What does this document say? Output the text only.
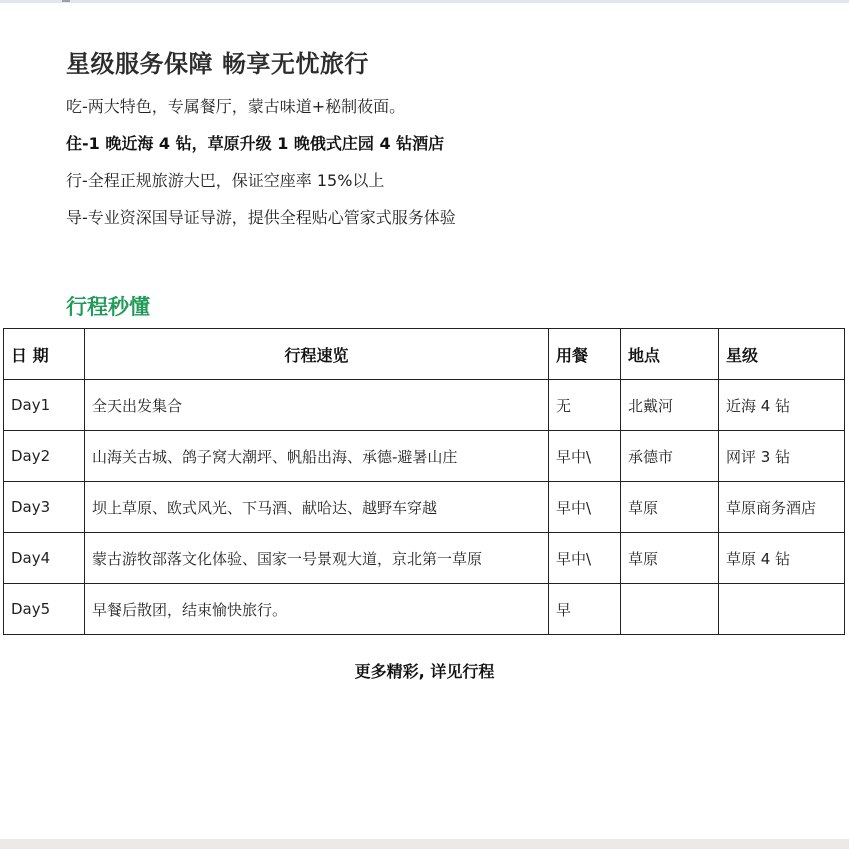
星级服务保障 畅享无忧旅行
吃-两大特色，专属餐厅，蒙古味道+秘制莜面。
住-1 晚近海 4 钻，草原升级 1 晚俄式庄园 4 钻酒店
行-全程正规旅游大巴，保证空座率 15%以上
导-专业资深国导证导游，提供全程贴心管家式服务体验
行程秒懂
日 期	行程速览	用餐	地点	星级
Day1	全天出发集合	无	北戴河	近海 4 钻
Day2	山海关古城、鸽子窝大潮坪、帆船出海、承德-避暑山庄	早中\	承德市	网评 3 钻
Day3	坝上草原、欧式风光、下马酒、献哈达、越野车穿越	早中\	草原	草原商务酒店
Day4	蒙古游牧部落文化体验、国家一号景观大道，京北第一草原	早中\	草原	草原 4 钻
Day5	早餐后散团，结束愉快旅行。	早		
更多精彩, 详见行程
